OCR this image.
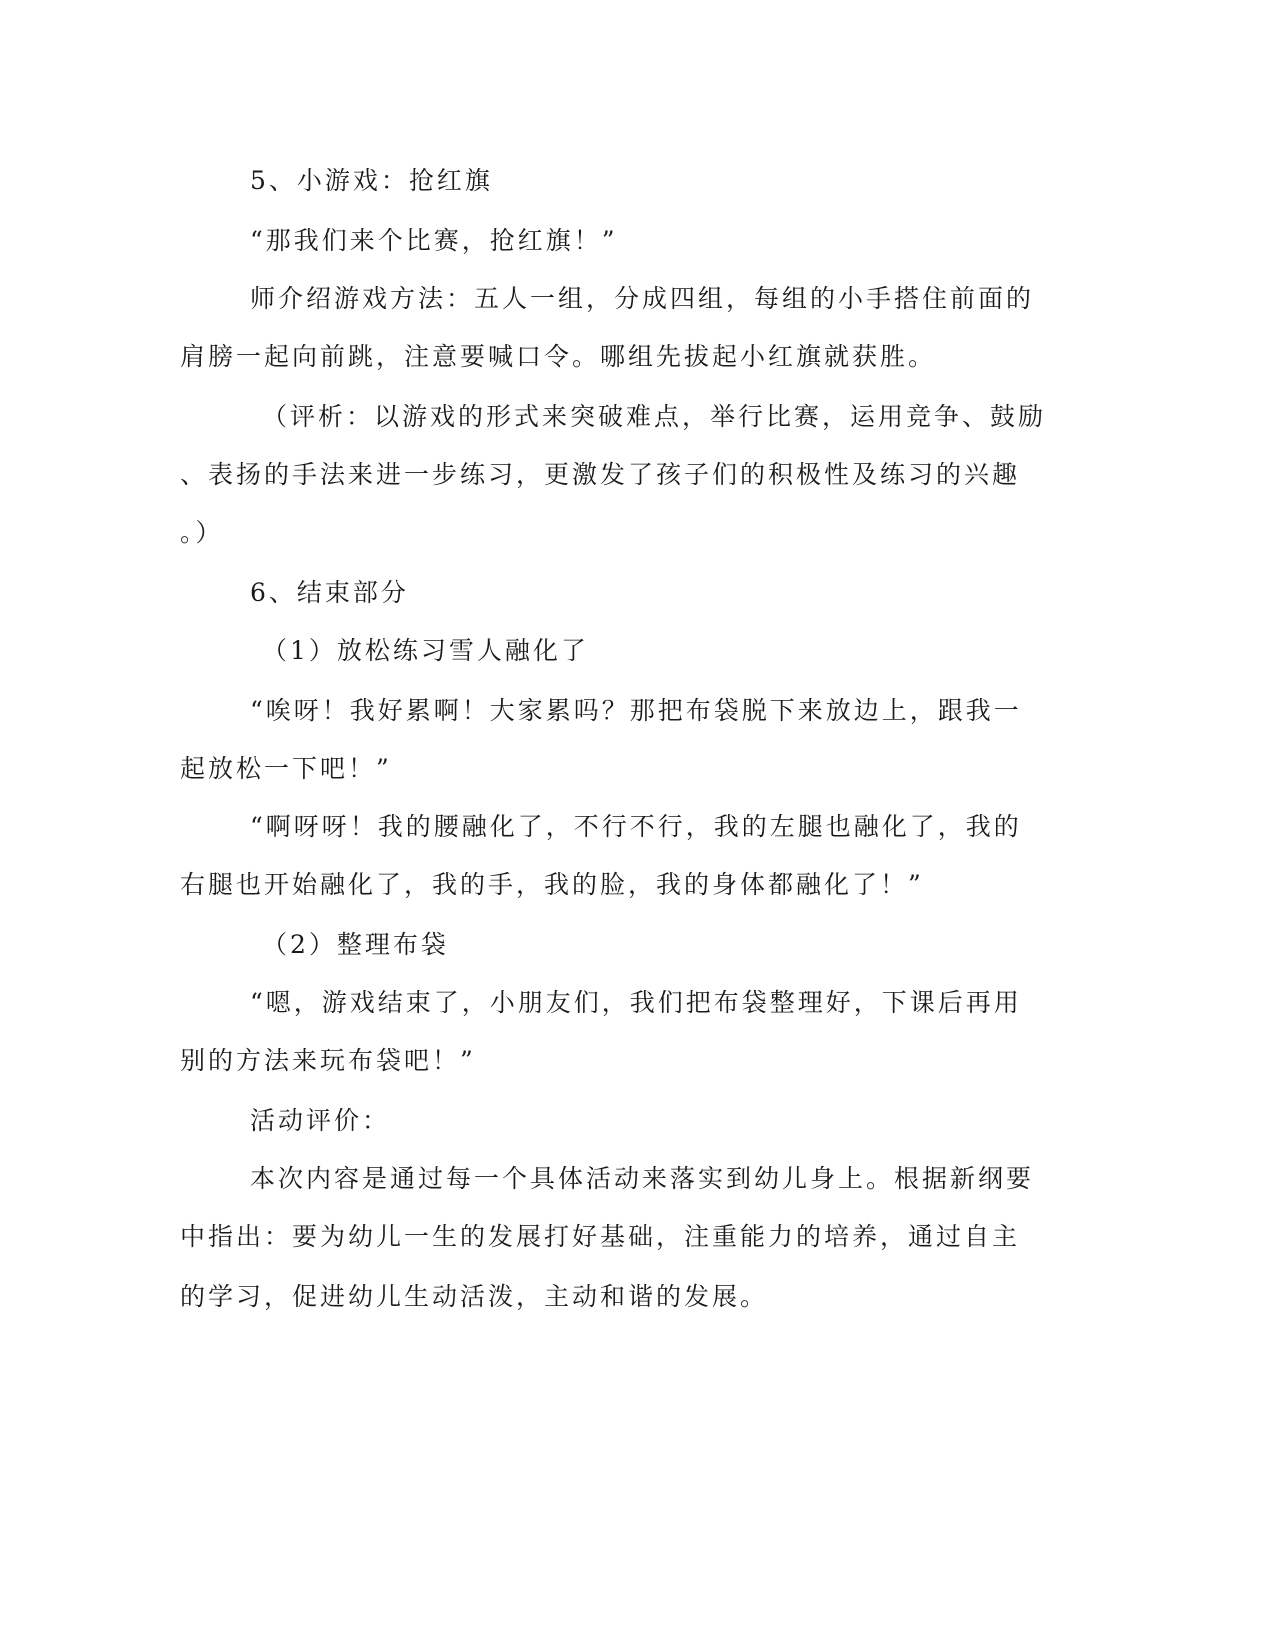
5、小游戏：抢红旗
“那我们来个比赛，抢红旗！”
师介绍游戏方法：五人一组，分成四组，每组的小手搭住前面的
肩膀一起向前跳，注意要喊口令。哪组先拔起小红旗就获胜。
（评析：以游戏的形式来突破难点，举行比赛，运用竞争、鼓励
、表扬的手法来进一步练习，更激发了孩子们的积极性及练习的兴趣
。）
6、结束部分
（1）放松练习雪人融化了
“唉呀！我好累啊！大家累吗？那把布袋脱下来放边上，跟我一
起放松一下吧！”
“啊呀呀！我的腰融化了，不行不行，我的左腿也融化了，我的
右腿也开始融化了，我的手，我的脸，我的身体都融化了！”
（2）整理布袋
“嗯，游戏结束了，小朋友们，我们把布袋整理好，下课后再用
别的方法来玩布袋吧！”
活动评价：
本次内容是通过每一个具体活动来落实到幼儿身上。根据新纲要
中指出：要为幼儿一生的发展打好基础，注重能力的培养，通过自主
的学习，促进幼儿生动活泼，主动和谐的发展。
